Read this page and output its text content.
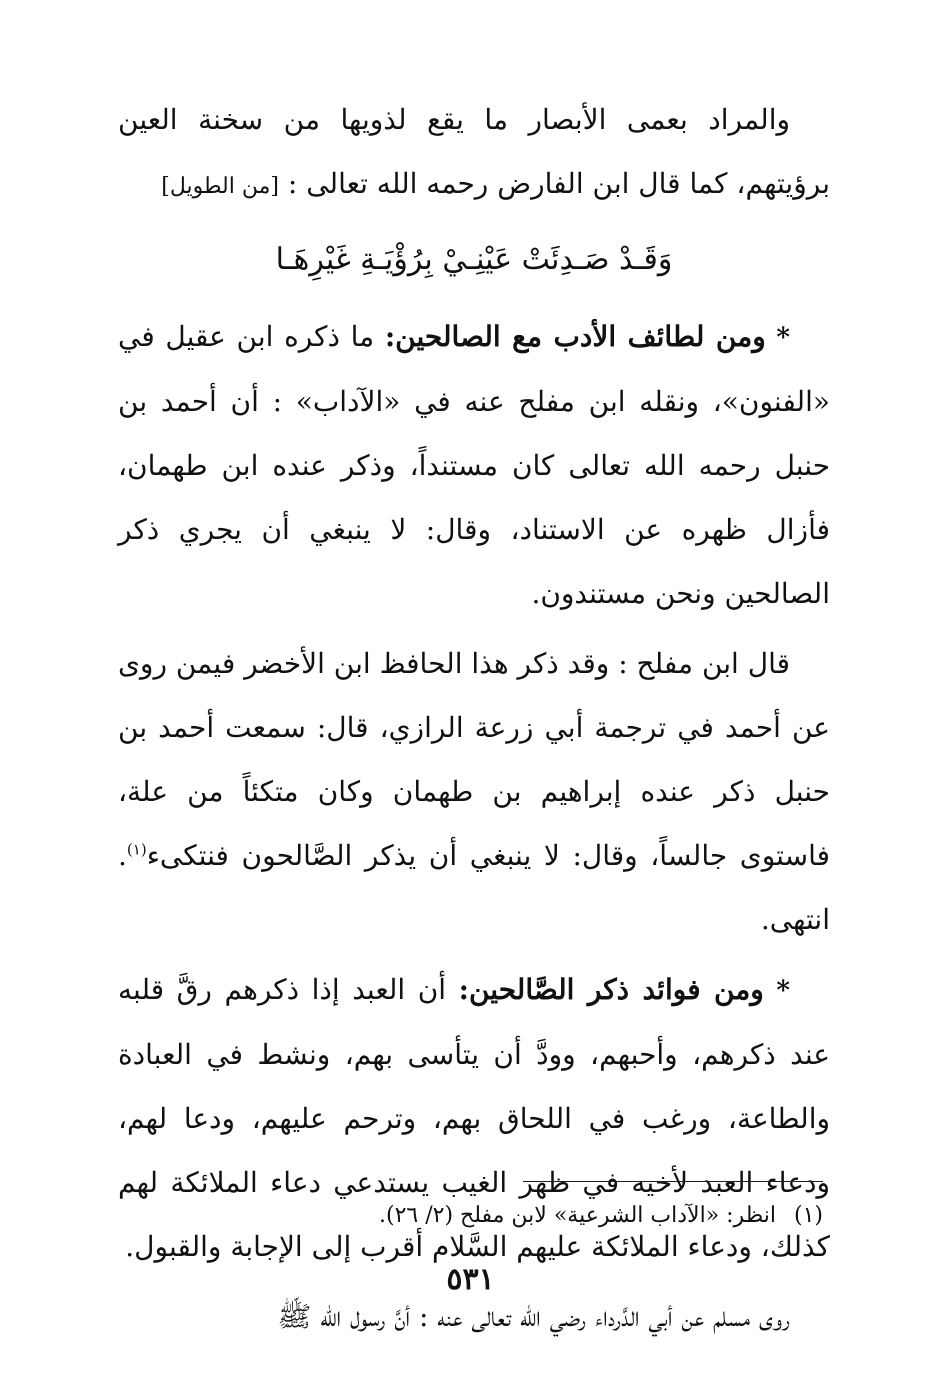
والمراد بعمى الأبصار ما يقع لذويها من سخنة العين برؤيتهم، كما قال ابن الفارض رحمه الله تعالى : [من الطويل]

وَقَـدْ صَـدِئَتْ عَيْنِـيْ بِرُؤْيَـةِ غَيْرِهَـا

* ومن لطائف الأدب مع الصالحين: ما ذكره ابن عقيل في «الفنون»، ونقله ابن مفلح عنه في «الآداب» : أن أحمد بن حنبل رحمه الله تعالى كان مستنداً، وذكر عنده ابن طهمان، فأزال ظهره عن الاستناد، وقال: لا ينبغي أن يجري ذكر الصالحين ونحن مستندون.

قال ابن مفلح : وقد ذكر هذا الحافظ ابن الأخضر فيمن روى عن أحمد في ترجمة أبي زرعة الرازي، قال: سمعت أحمد بن حنبل ذكر عنده إبراهيم بن طهمان وكان متكئاً من علة، فاستوى جالساً، وقال: لا ينبغي أن يذكر الصَّالحون فنتكىء$^{(١)}$. انتهى.

* ومن فوائد ذكر الصَّالحين: أن العبد إذا ذكرهم رقَّ قلبه عند ذكرهم، وأحبهم، وودَّ أن يتأسى بهم، ونشط في العبادة والطاعة، ورغب في اللحاق بهم، وترحم عليهم، ودعا لهم، ودعاء العبد لأخيه في ظهر الغيب يستدعي دعاء الملائكة لهم كذلك، ودعاء الملائكة عليهم السَّلام أقرب إلى الإجابة والقبول.

روى مسلم عن أبي الدَّرداء رضي الله تعالى عنه : أنَّ رسول الله ﷺ

(١)انظر: «الآداب الشرعية» لابن مفلح (٢/ ٢٦).
٥٣١
